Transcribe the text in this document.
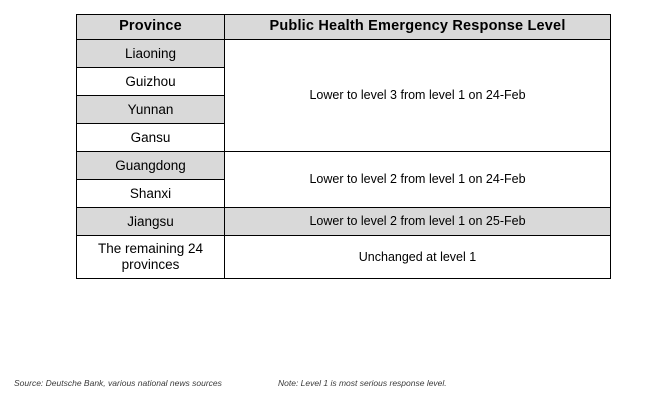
Province	Public Health Emergency Response Level
Liaoning	Lower to level 3 from level 1 on 24-Feb
Guizhou	
Yunnan	
Gansu	
Guangdong	Lower to level 2 from level 1 on 24-Feb
Shanxi	
Jiangsu	Lower to level 2 from level 1 on 25-Feb

The remaining 24
provinces	Unchanged at level 1
Source: Deutsche Bank, various national news sources	Note: Level 1 is most serious response level.
